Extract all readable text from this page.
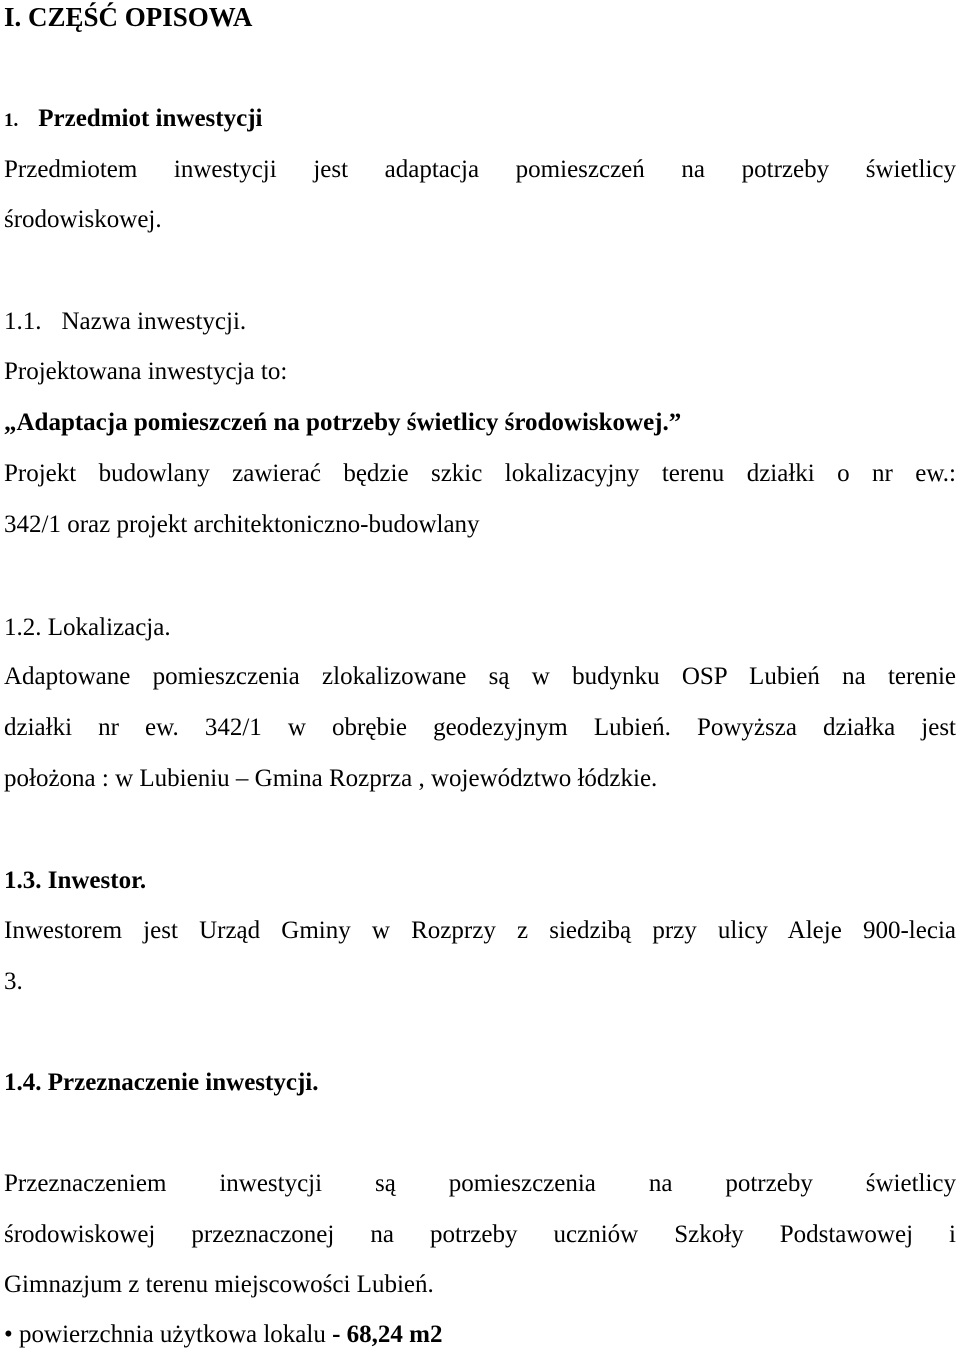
I. CZĘŚĆ OPISOWA
1. Przedmiot inwestycji
Przedmiotem inwestycji jest adaptacja pomieszczeń na potrzeby świetlicy
środowiskowej.
1.1. Nazwa inwestycji.
Projektowana inwestycja to:
„Adaptacja pomieszczeń na potrzeby świetlicy środowiskowej.”
Projekt budowlany zawierać będzie szkic lokalizacyjny terenu działki o nr ew.:
342/1 oraz projekt architektoniczno-budowlany
1.2. Lokalizacja.
Adaptowane pomieszczenia zlokalizowane są w budynku OSP Lubień na terenie
działki nr ew. 342/1 w obrębie geodezyjnym Lubień. Powyższa działka jest
położona : w Lubieniu – Gmina Rozprza , województwo łódzkie.
1.3. Inwestor.
Inwestorem jest Urząd Gminy w Rozprzy z siedzibą przy ulicy Aleje 900-lecia
3.
1.4. Przeznaczenie inwestycji.
Przeznaczeniem inwestycji są pomieszczenia na potrzeby świetlicy
środowiskowej przeznaczonej na potrzeby uczniów Szkoły Podstawowej i
Gimnazjum z terenu miejscowości Lubień.
• powierzchnia użytkowa lokalu - 68,24 m2
